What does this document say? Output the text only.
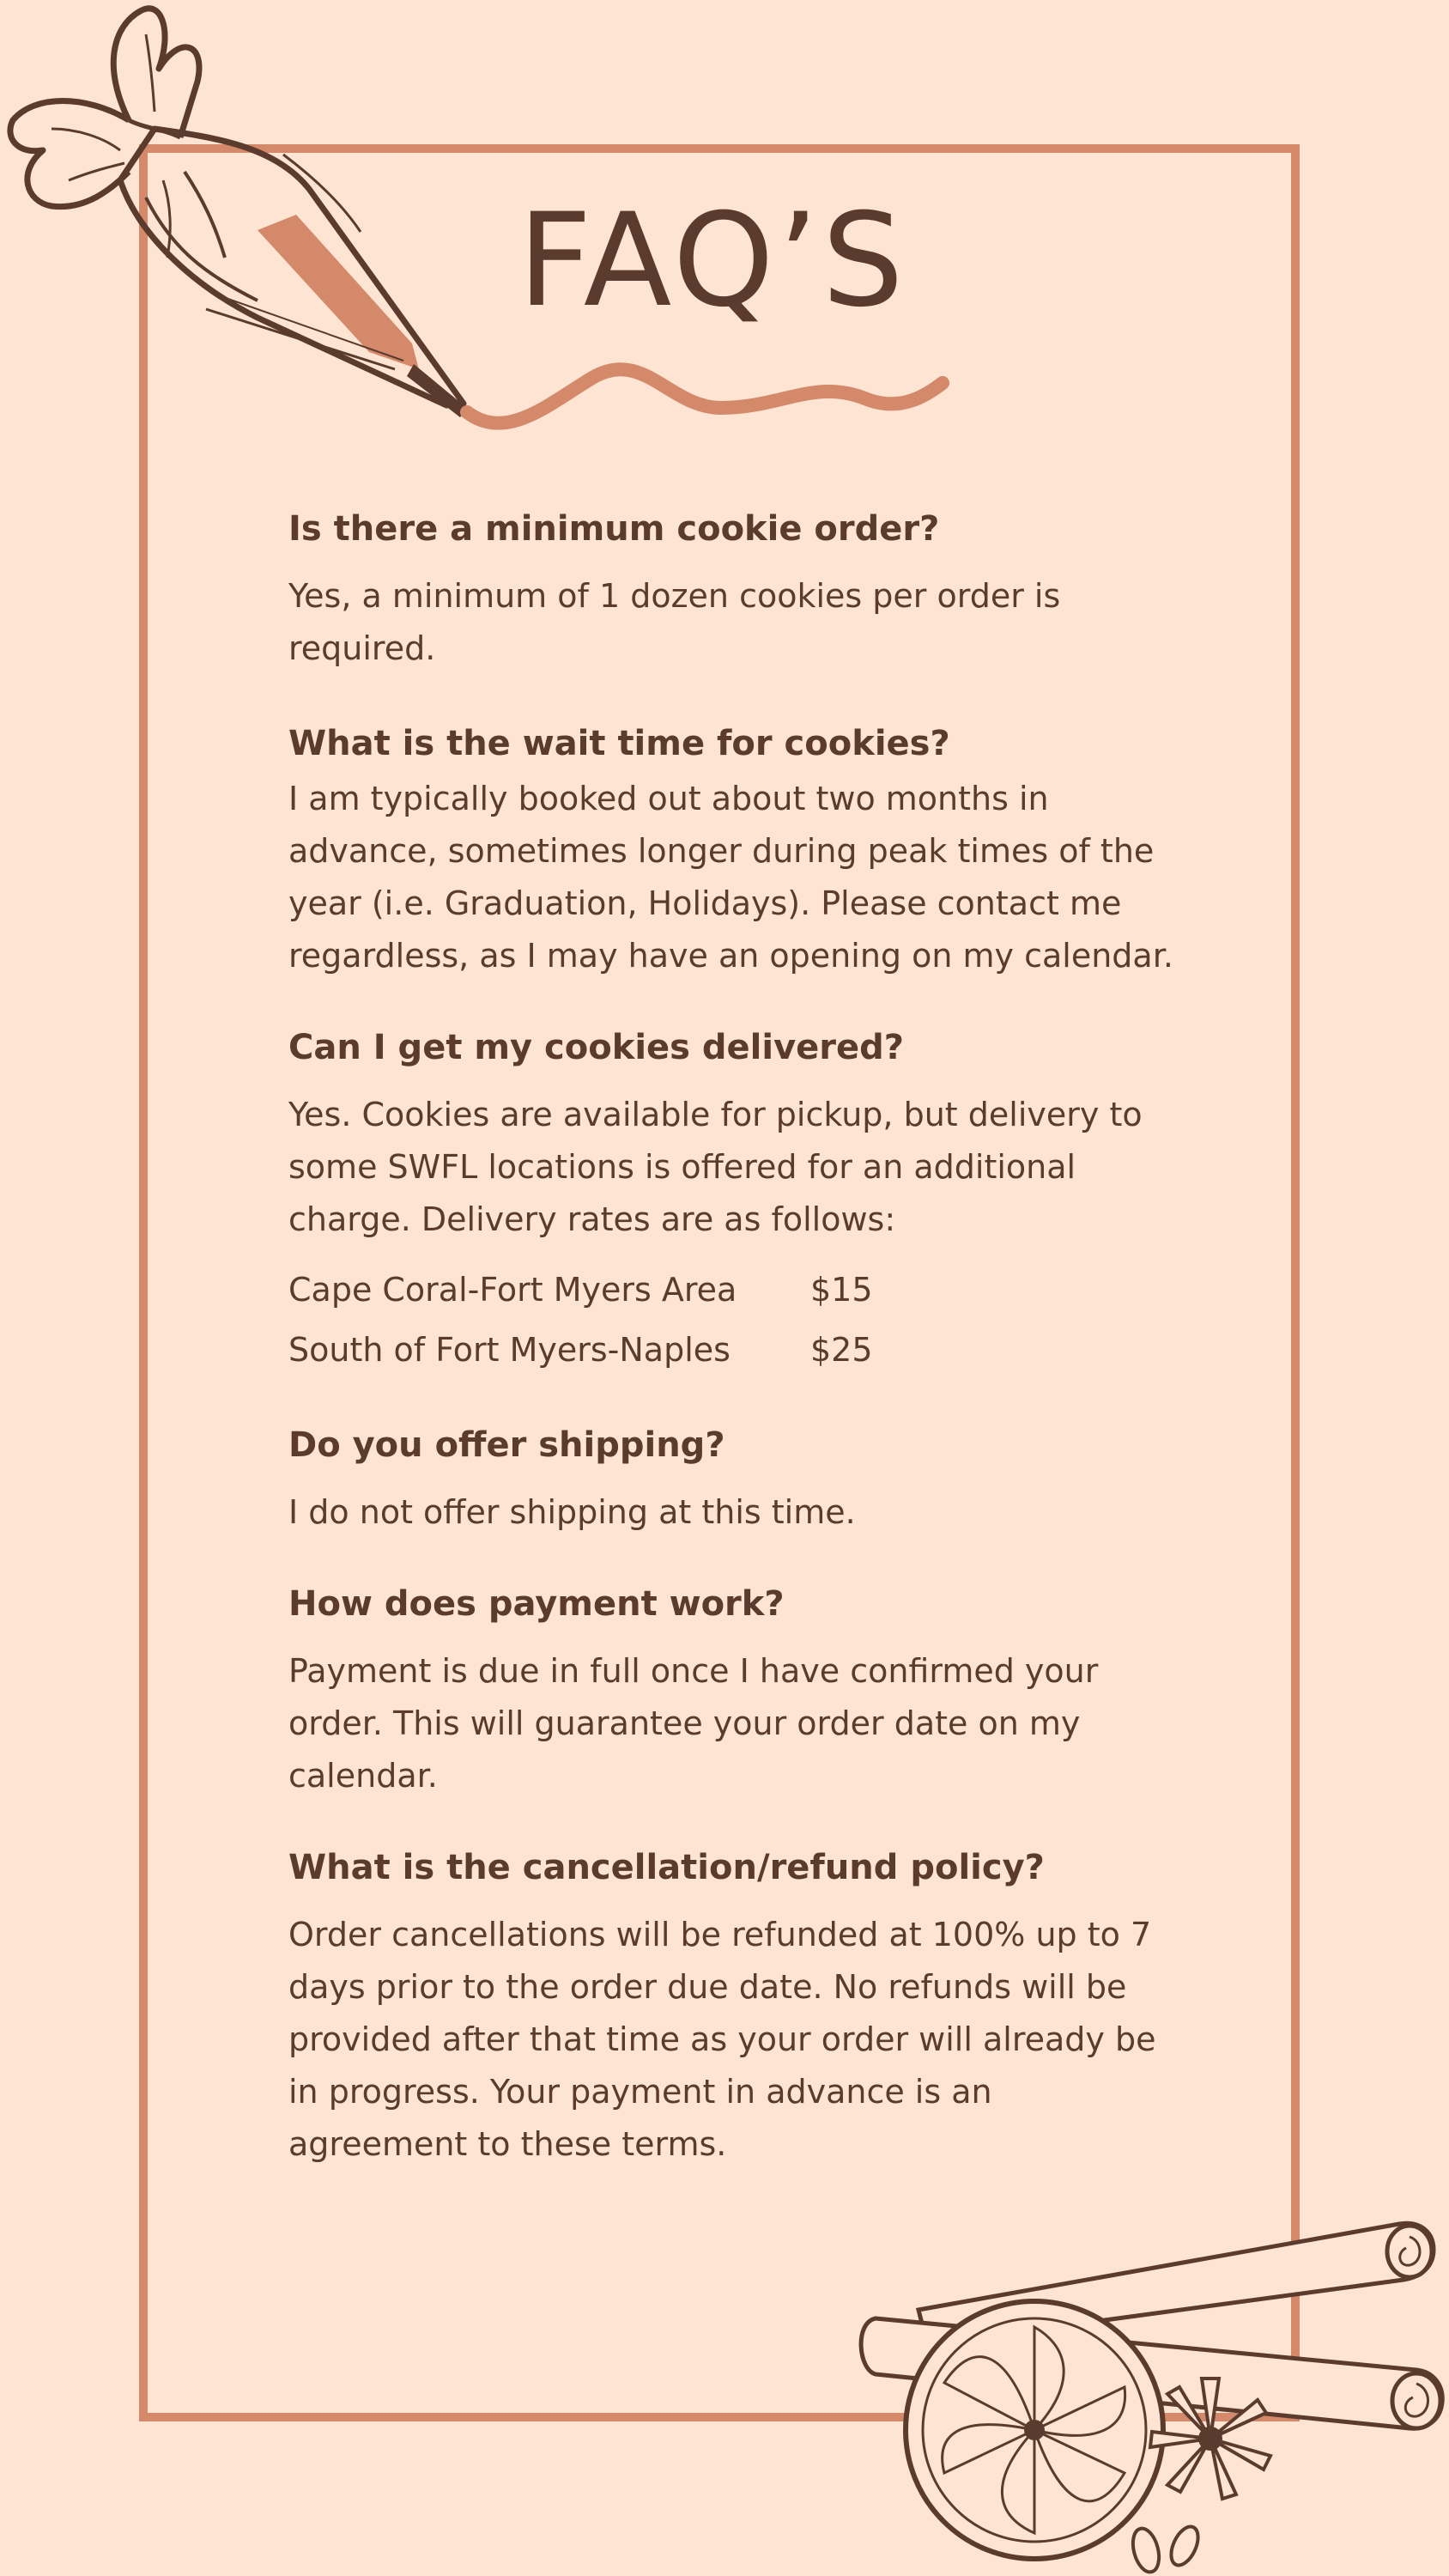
FAQ’S
Is there a minimum cookie order?

Yes, a minimum of 1 dozen cookies per order is required.

What is the wait time for cookies?

I am typically booked out about two months in advance, sometimes longer during peak times of the year (i.e. Graduation, Holidays). Please contact me regardless, as I may have an opening on my calendar.

Can I get my cookies delivered?

Yes. Cookies are available for pickup, but delivery to some SWFL locations is offered for an additional charge. Delivery rates are as follows:

Cape Coral-Fort Myers Area	$15
South of Fort Myers-Naples	$25
Do you offer shipping?

I do not offer shipping at this time.

How does payment work?

Payment is due in full once I have confirmed your order. This will guarantee your order date on my calendar.

What is the cancellation/refund policy?

Order cancellations will be refunded at 100% up to 7 days prior to the order due date. No refunds will be provided after that time as your order will already be in progress. Your payment in advance is an agreement to these terms.
